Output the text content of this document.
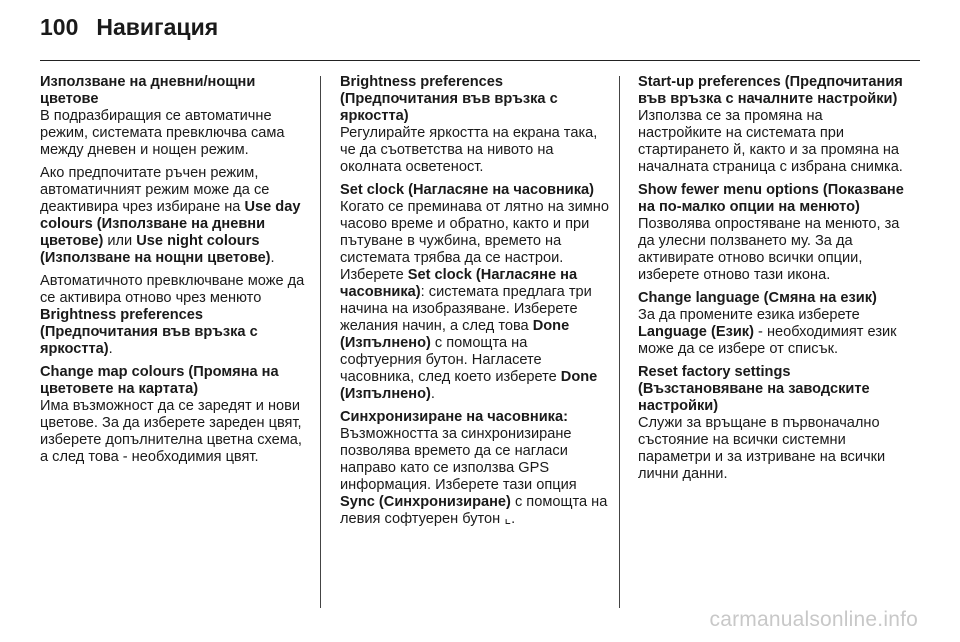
100 Навигация
Използване на дневни/нощни цветове

В подразбиращия се автоматичне режим, системата превключва сама между дневен и нощен режим.

Ако предпочитате ръчен режим, автоматичният режим може да се деактивира чрез избиране на Use day colours (Използване на дневни цветове) или Use night colours (Използване на нощни цветове).

Автоматичното превключване може да се активира отново чрез менюто Brightness preferences (Предпочитания във връзка с яркостта).

Change map colours (Промяна на цветовете на картата)

Има възможност да се заредят и нови цветове. За да изберете зареден цвят, изберете допълнителна цветна схема, а след това - необходимия цвят.

Brightness preferences (Предпочитания във връзка с яркостта)

Регулирайте яркостта на екрана така, че да съответства на нивото на околната осветеност.

Set clock (Нагласяне на часовника)

Когато се преминава от лятно на зимно часово време и обратно, както и при пътуване в чужбина, времето на системата трябва да се настрои. Изберете Set clock (Нагласяне на часовника): системата предлага три начина на изобразяване. Изберете желания начин, а след това Done (Изпълнено) с помощта на софтуерния бутон. Нагласете часовника, след което изберете Done (Изпълнено).

Синхронизиране на часовника:

Възможността за синхронизиране позволява времето да се нагласи направо като се използва GPS информация. Изберете тази опция Sync (Синхронизиране) с помощта на левия софтуерен бутон ⌞.

Start-up preferences (Предпочитания във връзка с началните настройки)

Използва се за промяна на настройките на системата при стартирането й, както и за промяна на началната страница с избрана снимка.

Show fewer menu options (Показване на по-малко опции на менюто)

Позволява опростяване на менюто, за да улесни ползването му. За да активирате отново всички опции, изберете отново тази икона.

Change language (Смяна на език)

За да промените езика изберете Language (Език) - необходимият език може да се избере от списък.

Reset factory settings (Възстановяване на заводските настройки)

Служи за връщане в първоначално състояние на всички системни параметри и за изтриване на всички лични данни.

carmanualsonline.info
